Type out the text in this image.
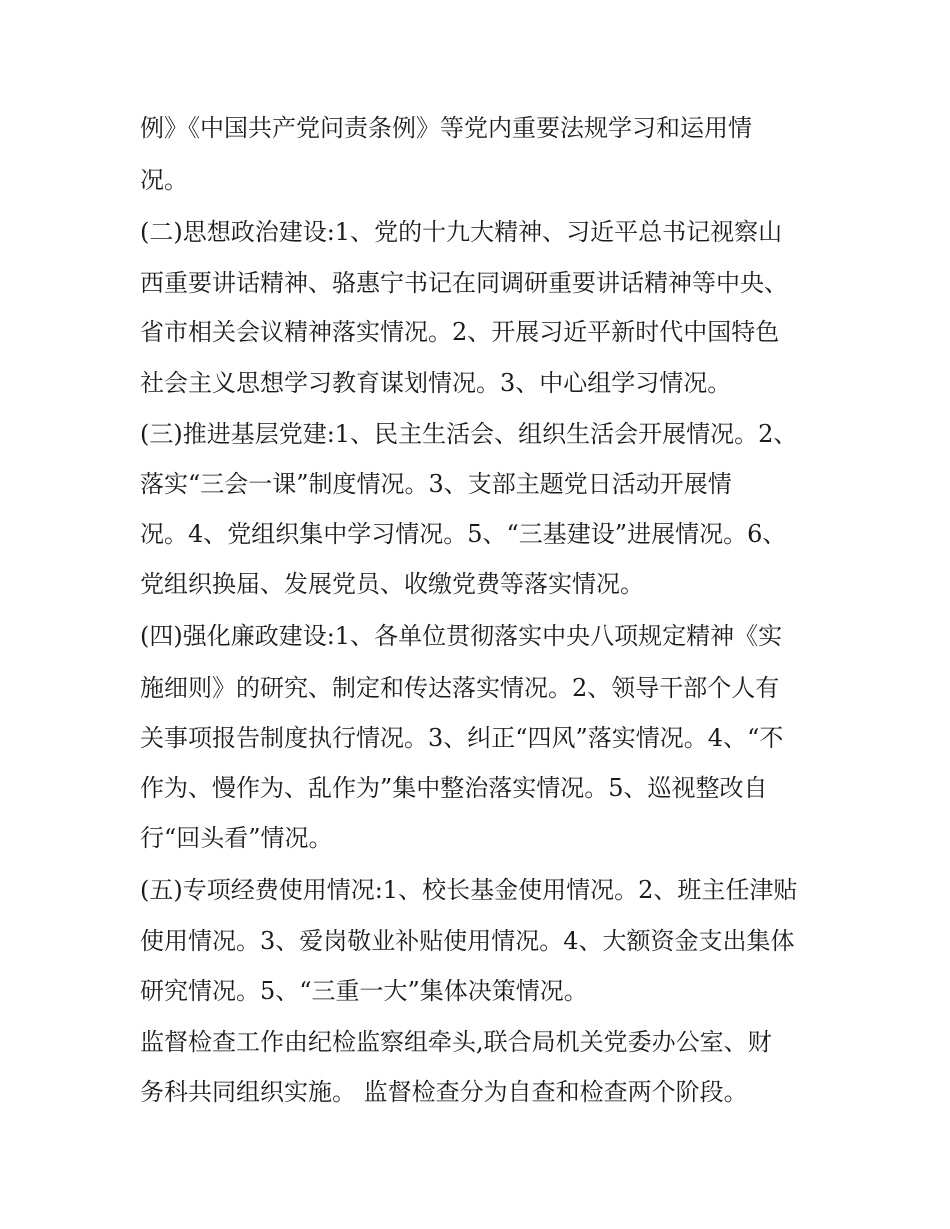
例》《中国共产党问责条例》等党内重要法规学习和运用情

况。

(二)思想政治建设:1、党的十九大精神、习近平总书记视察山

西重要讲话精神、骆惠宁书记在同调研重要讲话精神等中央、

省市相关会议精神落实情况。2、开展习近平新时代中国特色

社会主义思想学习教育谋划情况。3、中心组学习情况。

(三)推进基层党建:1、民主生活会、组织生活会开展情况。2、

落实“三会一课”制度情况。3、支部主题党日活动开展情

况。4、党组织集中学习情况。5、“三基建设”进展情况。6、

党组织换届、发展党员、收缴党费等落实情况。

(四)强化廉政建设:1、各单位贯彻落实中央八项规定精神《实

施细则》的研究、制定和传达落实情况。2、领导干部个人有

关事项报告制度执行情况。3、纠正“四风”落实情况。4、“不

作为、慢作为、乱作为”集中整治落实情况。5、巡视整改自

行“回头看”情况。

(五)专项经费使用情况:1、校长基金使用情况。2、班主任津贴

使用情况。3、爱岗敬业补贴使用情况。4、大额资金支出集体

研究情况。5、“三重一大”集体决策情况。

监督检查工作由纪检监察组牵头,联合局机关党委办公室、财

务科共同组织实施。 监督检查分为自查和检查两个阶段。
